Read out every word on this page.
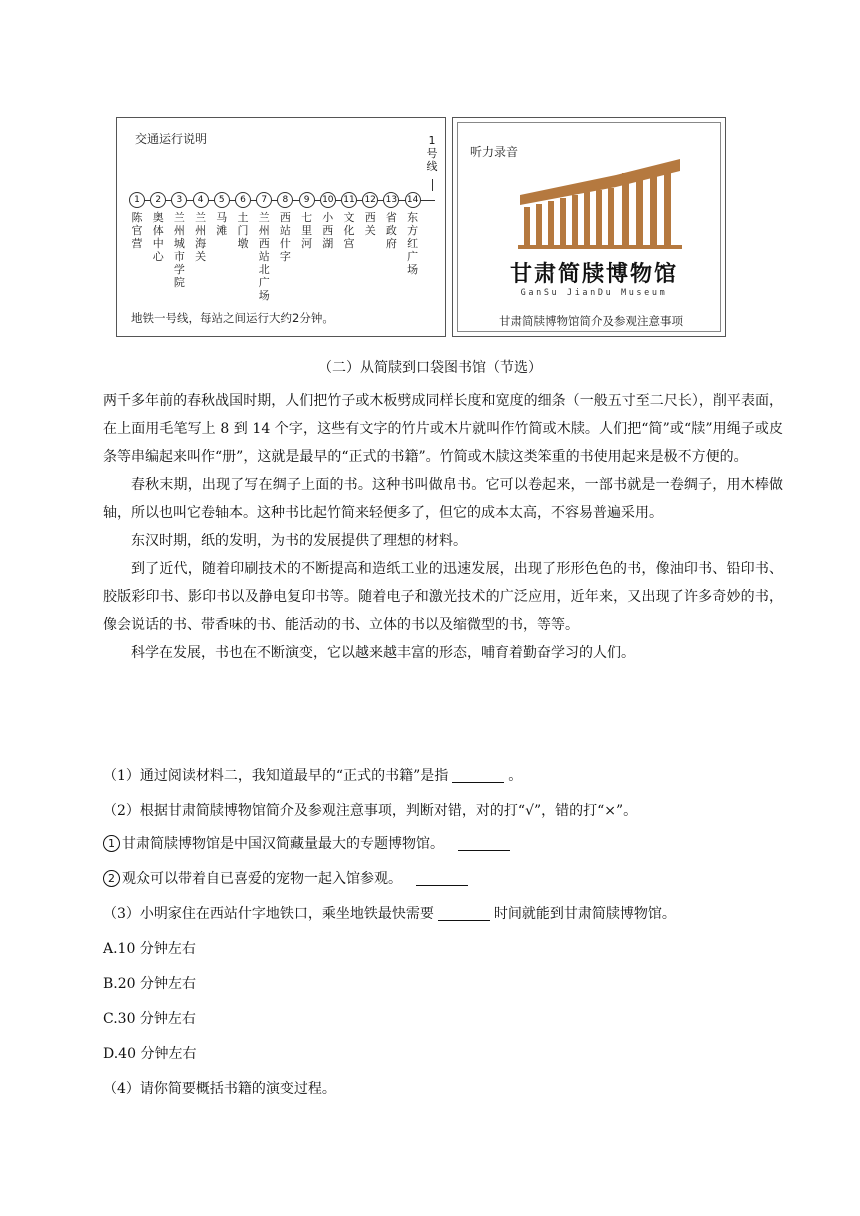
交通运行说明	1
号
线
1
陈官营
2
奥体中心
3
兰州城市学院
4
兰州海关
5
马滩
6
土门墩
7
兰州西站北广场
8
西站什字
9
七里河
10
小西湖
11
文化宫
12
西关
13
省政府
14
东方红广场
地铁一号线，每站之间运行大约2分钟。
听力录音
甘肃简牍博物馆
GanSu JianDu Museum
甘肃简牍博物馆简介及参观注意事项
（二）从简牍到口袋图书馆（节选）

两千多年前的春秋战国时期，人们把竹子或木板劈成同样长度和宽度的细条（一般五寸至二尺长），削平表面，在上面用毛笔写上 8 到 14 个字，这些有文字的竹片或木片就叫作竹简或木牍。人们把“简”或“牍”用绳子或皮条等串编起来叫作“册”，这就是最早的“正式的书籍”。竹简或木牍这类笨重的书使用起来是极不方便的。

春秋末期，出现了写在绸子上面的书。这种书叫做帛书。它可以卷起来，一部书就是一卷绸子，用木棒做轴，所以也叫它卷轴本。这种书比起竹简来轻便多了，但它的成本太高，不容易普遍采用。

东汉时期，纸的发明，为书的发展提供了理想的材料。

到了近代，随着印刷技术的不断提高和造纸工业的迅速发展，出现了形形色色的书，像油印书、铅印书、胶版彩印书、影印书以及静电复印书等。随着电子和激光技术的广泛应用，近年来，又出现了许多奇妙的书，像会说话的书、带香味的书、能活动的书、立体的书以及缩微型的书，等等。

科学在发展，书也在不断演变，它以越来越丰富的形态，哺育着勤奋学习的人们。

（1）通过阅读材料二，我知道最早的“正式的书籍”是指	。
（2）根据甘肃简牍博物馆简介及参观注意事项，判断对错，对的打“√”，错的打“×”。
1 甘肃简牍博物馆是中国汉简藏量最大的专题博物馆。
2 观众可以带着自已喜爱的宠物一起入馆参观。
（3）小明家住在西站什字地铁口，乘坐地铁最快需要	时间就能到甘肃简牍博物馆。
A.10 分钟左右
B.20 分钟左右
C.30 分钟左右
D.40 分钟左右
（4）请你简要概括书籍的演变过程。
